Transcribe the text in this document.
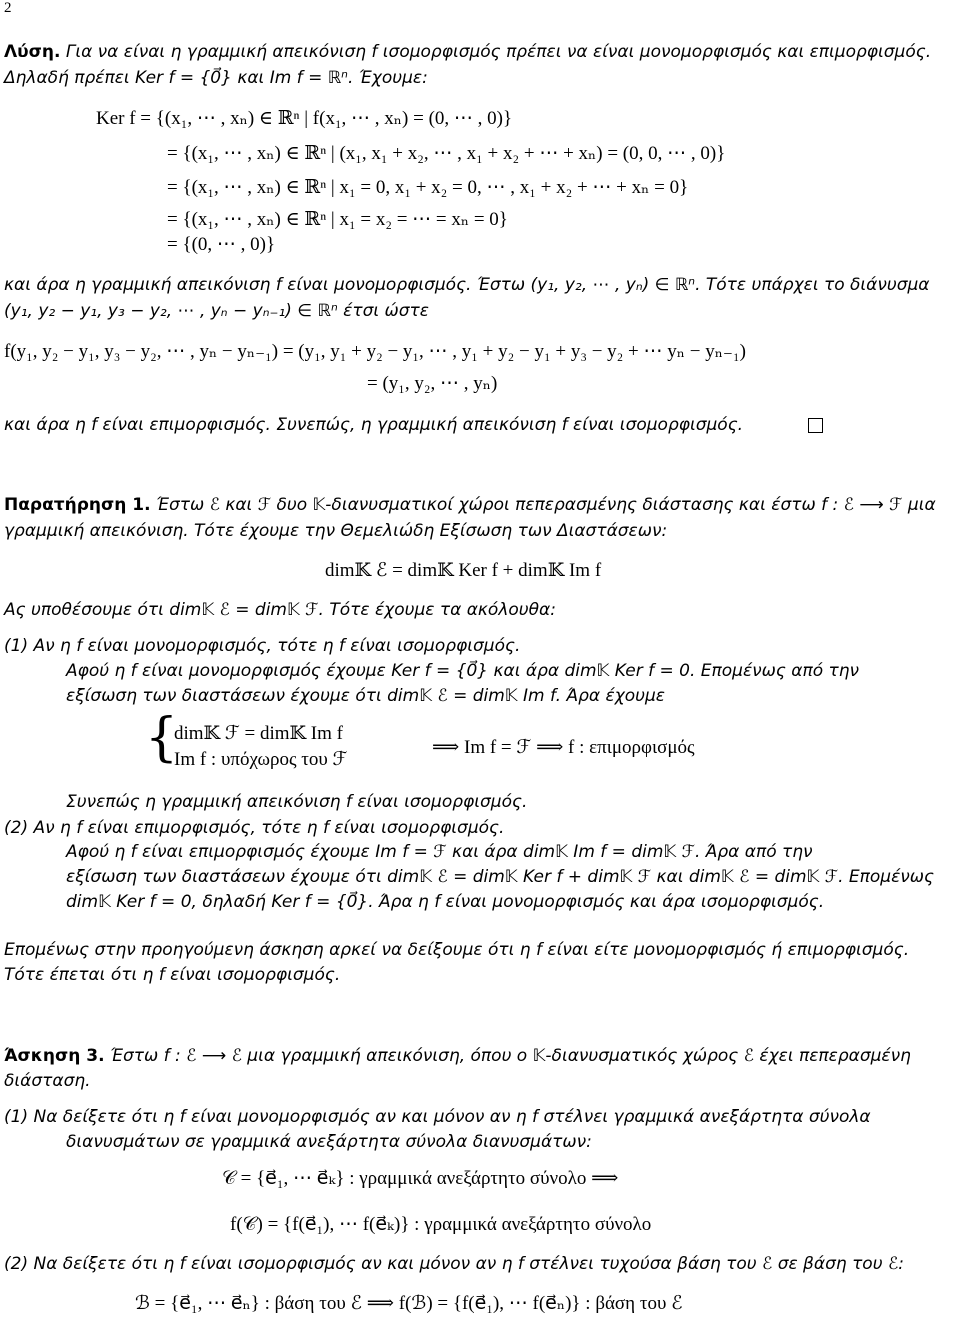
2
Λύση. Για να είναι η γραμμική απεικόνιση f ισομορφισμός πρέπει να είναι μονομορφισμός και επιμορφισμός.
Δηλαδή πρέπει Ker f = {0⃗} και Im f = ℝⁿ. Έχουμε:
Ker f = {(x₁, ⋯ , xₙ) ∈ ℝⁿ | f(x₁, ⋯ , xₙ) = (0, ⋯ , 0)}
= {(x₁, ⋯ , xₙ) ∈ ℝⁿ | (x₁, x₁ + x₂, ⋯ , x₁ + x₂ + ⋯ + xₙ) = (0, 0, ⋯ , 0)}
= {(x₁, ⋯ , xₙ) ∈ ℝⁿ | x₁ = 0, x₁ + x₂ = 0, ⋯ , x₁ + x₂ + ⋯ + xₙ = 0}
= {(x₁, ⋯ , xₙ) ∈ ℝⁿ | x₁ = x₂ = ⋯ = xₙ = 0}
= {(0, ⋯ , 0)}
και άρα η γραμμική απεικόνιση f είναι μονομορφισμός. Έστω (y₁, y₂, ⋯ , yₙ) ∈ ℝⁿ. Τότε υπάρχει το διάνυσμα
(y₁, y₂ − y₁, y₃ − y₂, ⋯ , yₙ − yₙ₋₁) ∈ ℝⁿ έτσι ώστε
f(y₁, y₂ − y₁, y₃ − y₂, ⋯ , yₙ − yₙ₋₁) = (y₁, y₁ + y₂ − y₁, ⋯ , y₁ + y₂ − y₁ + y₃ − y₂ + ⋯ yₙ − yₙ₋₁)
= (y₁, y₂, ⋯ , yₙ)
και άρα η f είναι επιμορφισμός. Συνεπώς, η γραμμική απεικόνιση f είναι ισομορφισμός.
Παρατήρηση 1. Έστω ℰ και ℱ δυο 𝕂-διανυσματικοί χώροι πεπερασμένης διάστασης και έστω f : ℰ ⟶ ℱ μια
γραμμική απεικόνιση. Τότε έχουμε την Θεμελιώδη Εξίσωση των Διαστάσεων:
dim𝕂 ℰ = dim𝕂 Ker f + dim𝕂 Im f
Ας υποθέσουμε ότι dim𝕂 ℰ = dim𝕂 ℱ. Τότε έχουμε τα ακόλουθα:
(1) Αν η f είναι μονομορφισμός, τότε η f είναι ισομορφισμός.
Αφού η f είναι μονομορφισμός έχουμε Ker f = {0⃗} και άρα dim𝕂 Ker f = 0. Επομένως από την
εξίσωση των διαστάσεων έχουμε ότι dim𝕂 ℰ = dim𝕂 Im f. Άρα έχουμε
{
dim𝕂 ℱ = dim𝕂 Im f
Im f : υπόχωρος του ℱ
⟹ Im f = ℱ ⟹ f : επιμορφισμός
Συνεπώς η γραμμική απεικόνιση f είναι ισομορφισμός.
(2) Αν η f είναι επιμορφισμός, τότε η f είναι ισομορφισμός.
Αφού η f είναι επιμορφισμός έχουμε Im f = ℱ και άρα dim𝕂 Im f = dim𝕂 ℱ. Άρα από την
εξίσωση των διαστάσεων έχουμε ότι dim𝕂 ℰ = dim𝕂 Ker f + dim𝕂 ℱ και dim𝕂 ℰ = dim𝕂 ℱ. Επομένως
dim𝕂 Ker f = 0, δηλαδή Ker f = {0⃗}. Άρα η f είναι μονομορφισμός και άρα ισομορφισμός.
Επομένως στην προηγούμενη άσκηση αρκεί να δείξουμε ότι η f είναι είτε μονομορφισμός ή επιμορφισμός.
Τότε έπεται ότι η f είναι ισομορφισμός.
Άσκηση 3. Έστω f : ℰ ⟶ ℰ μια γραμμική απεικόνιση, όπου ο 𝕂-διανυσματικός χώρος ℰ έχει πεπερασμένη
διάσταση.
(1) Να δείξετε ότι η f είναι μονομορφισμός αν και μόνον αν η f στέλνει γραμμικά ανεξάρτητα σύνολα
διανυσμάτων σε γραμμικά ανεξάρτητα σύνολα διανυσμάτων:
𝒞 = {e⃗₁, ⋯ e⃗ₖ} : γραμμικά ανεξάρτητο σύνολο ⟹
f(𝒞) = {f(e⃗₁), ⋯ f(e⃗ₖ)} : γραμμικά ανεξάρτητο σύνολο
(2) Να δείξετε ότι η f είναι ισομορφισμός αν και μόνον αν η f στέλνει τυχούσα βάση του ℰ σε βάση του ℰ:
ℬ = {e⃗₁, ⋯ e⃗ₙ} : βάση του ℰ ⟹ f(ℬ) = {f(e⃗₁), ⋯ f(e⃗ₙ)} : βάση του ℰ
